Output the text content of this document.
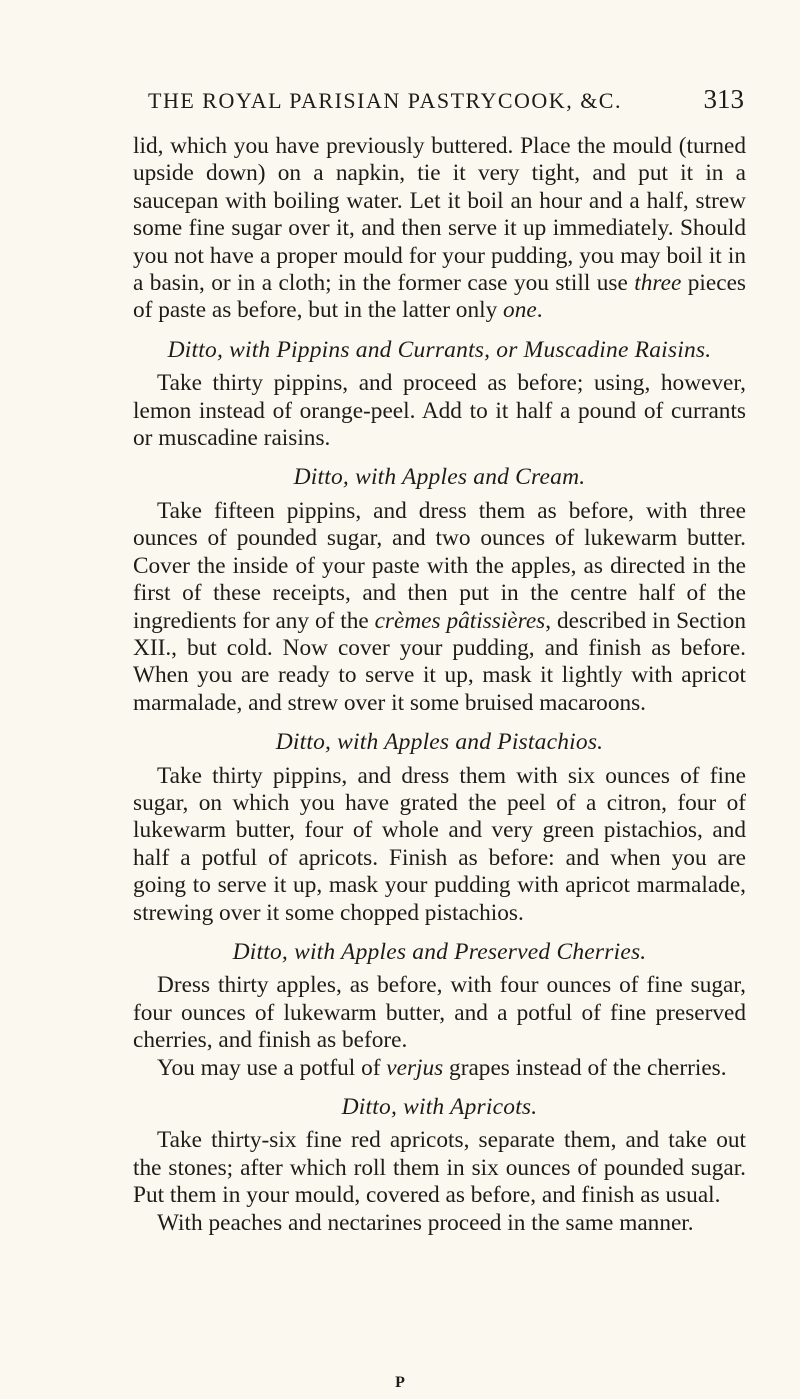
THE ROYAL PARISIAN PASTRYCOOK, &C.	313

lid, which you have previously buttered. Place the mould (turned upside down) on a napkin, tie it very tight, and put it in a saucepan with boiling water. Let it boil an hour and a half, strew some fine sugar over it, and then serve it up immediately. Should you not have a proper mould for your pudding, you may boil it in a basin, or in a cloth; in the former case you still use three pieces of paste as before, but in the latter only one.

Ditto, with Pippins and Currants, or Muscadine Raisins.

Take thirty pippins, and proceed as before; using, however, lemon instead of orange-peel. Add to it half a pound of currants or muscadine raisins.

Ditto, with Apples and Cream.

Take fifteen pippins, and dress them as before, with three ounces of pounded sugar, and two ounces of lukewarm butter. Cover the inside of your paste with the apples, as directed in the first of these receipts, and then put in the centre half of the ingredients for any of the crèmes pâtissières, described in Section XII., but cold. Now cover your pudding, and finish as before. When you are ready to serve it up, mask it lightly with apricot marmalade, and strew over it some bruised macaroons.

Ditto, with Apples and Pistachios.

Take thirty pippins, and dress them with six ounces of fine sugar, on which you have grated the peel of a citron, four of lukewarm butter, four of whole and very green pistachios, and half a potful of apricots. Finish as before: and when you are going to serve it up, mask your pudding with apricot marmalade, strewing over it some chopped pistachios.

Ditto, with Apples and Preserved Cherries.

Dress thirty apples, as before, with four ounces of fine sugar, four ounces of lukewarm butter, and a potful of fine preserved cherries, and finish as before.

You may use a potful of verjus grapes instead of the cherries.

Ditto, with Apricots.

Take thirty-six fine red apricots, separate them, and take out the stones; after which roll them in six ounces of pounded sugar. Put them in your mould, covered as before, and finish as usual.

With peaches and nectarines proceed in the same manner.

P
